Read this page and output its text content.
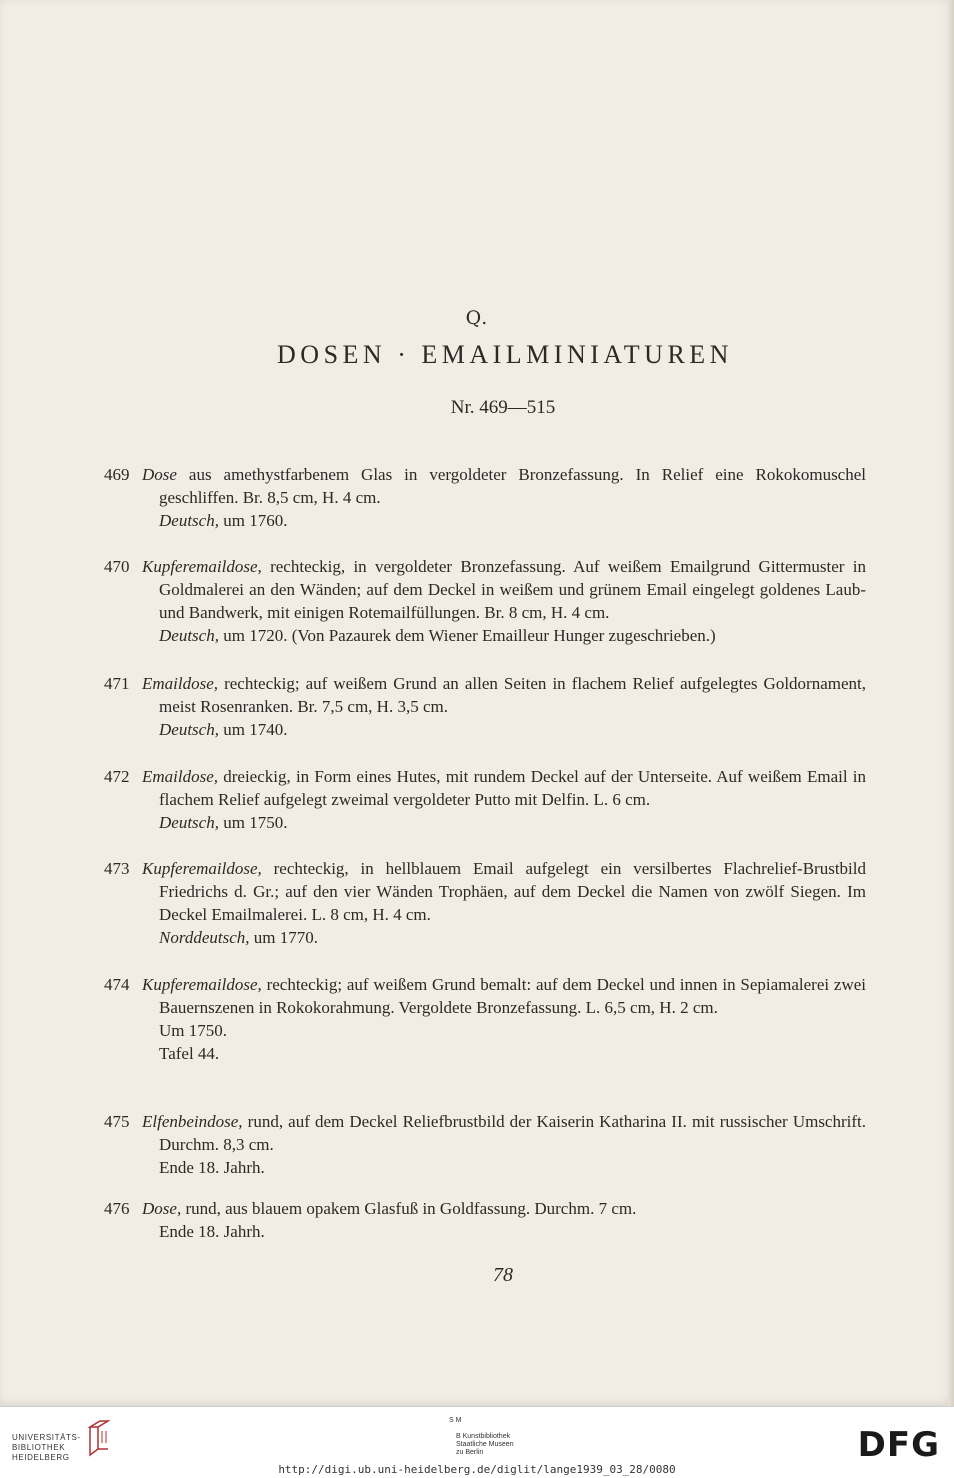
Q.
DOSEN · EMAILMINIATUREN
Nr. 469—515
469 Dose aus amethystfarbenem Glas in vergoldeter Bronzefassung. In Relief eine Rokokomuschel geschliffen. Br. 8,5 cm, H. 4 cm.
Deutsch, um 1760.
470 Kupferemaildose, rechteckig, in vergoldeter Bronzefassung. Auf weißem Emailgrund Gittermuster in Goldmalerei an den Wänden; auf dem Deckel in weißem und grünem Email eingelegt goldenes Laub- und Bandwerk, mit einigen Rotemailfüllungen. Br. 8 cm, H. 4 cm.
Deutsch, um 1720. (Von Pazaurek dem Wiener Emailleur Hunger zugeschrieben.)
471 Emaildose, rechteckig; auf weißem Grund an allen Seiten in flachem Relief aufgelegtes Goldornament, meist Rosenranken. Br. 7,5 cm, H. 3,5 cm.
Deutsch, um 1740.
472 Emaildose, dreieckig, in Form eines Hutes, mit rundem Deckel auf der Unterseite. Auf weißem Email in flachem Relief aufgelegt zweimal vergoldeter Putto mit Delfin. L. 6 cm.
Deutsch, um 1750.
473 Kupferemaildose, rechteckig, in hellblauem Email aufgelegt ein versilbertes Flachrelief-Brustbild Friedrichs d. Gr.; auf den vier Wänden Trophäen, auf dem Deckel die Namen von zwölf Siegen. Im Deckel Emailmalerei. L. 8 cm, H. 4 cm.
Norddeutsch, um 1770.
474 Kupferemaildose, rechteckig; auf weißem Grund bemalt: auf dem Deckel und innen in Sepiamalerei zwei Bauernszenen in Rokokorahmung. Vergoldete Bronzefassung. L. 6,5 cm, H. 2 cm.
Um 1750.
Tafel 44.
475 Elfenbeindose, rund, auf dem Deckel Reliefbrustbild der Kaiserin Katharina II. mit russischer Umschrift. Durchm. 8,3 cm.
Ende 18. Jahrh.
476 Dose, rund, aus blauem opakem Glasfuß in Goldfassung. Durchm. 7 cm.
Ende 18. Jahrh.
78
UNIVERSITÄTS-
BIBLIOTHEK
HEIDELBERG
S M
B Kunstbibliothek
Staatliche Museen
zu Berlin	DFG
http://digi.ub.uni-heidelberg.de/diglit/lange1939_03_28/0080
